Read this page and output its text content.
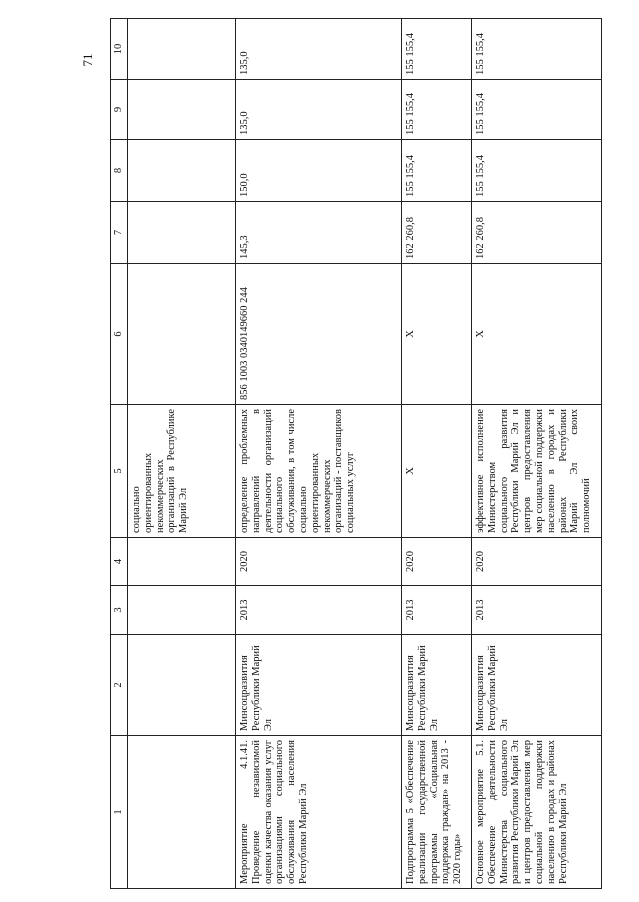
71
1	2	3	4	5	6	7	8	9	10
				социально ориентированных некоммерческих организаций в Республике Марий Эл					
Мероприятие 4.1.41. Проведение независимой оценки качества оказания услуг организациями социального обслуживания населения Республики Марий Эл	Минсоцразвития Республики Марий Эл	2013	2020	определение проблемных направлений в деятельности организаций социального обслуживания, в том числе социально ориентированных некоммерческих организаций - поставщиков социальных услуг	856 1003 0340149660 244	145,3	150,0	135,0	135,0
Подпрограмма 5 «Обеспечение реализации государственной программы «Социальная поддержка граждан» на 2013 - 2020 годы»	Минсоцразвития Республики Марий Эл	2013	2020	Х	Х	162 260,8	155 155,4	155 155,4	155 155,4
Основное мероприятие 5.1. Обеспечение деятельности Министерства социального развития Республики Марий Эл и центров предоставления мер социальной поддержки населению в городах и районах Республики Марий Эл	Минсоцразвития Республики Марий Эл	2013	2020	эффективное исполнение Министерством социального развития Республики Марий Эл и центров предоставления мер социальной поддержки населению в городах и районах Республики Марий Эл своих полномочий	Х	162 260,8	155 155,4	155 155,4	155 155,4
